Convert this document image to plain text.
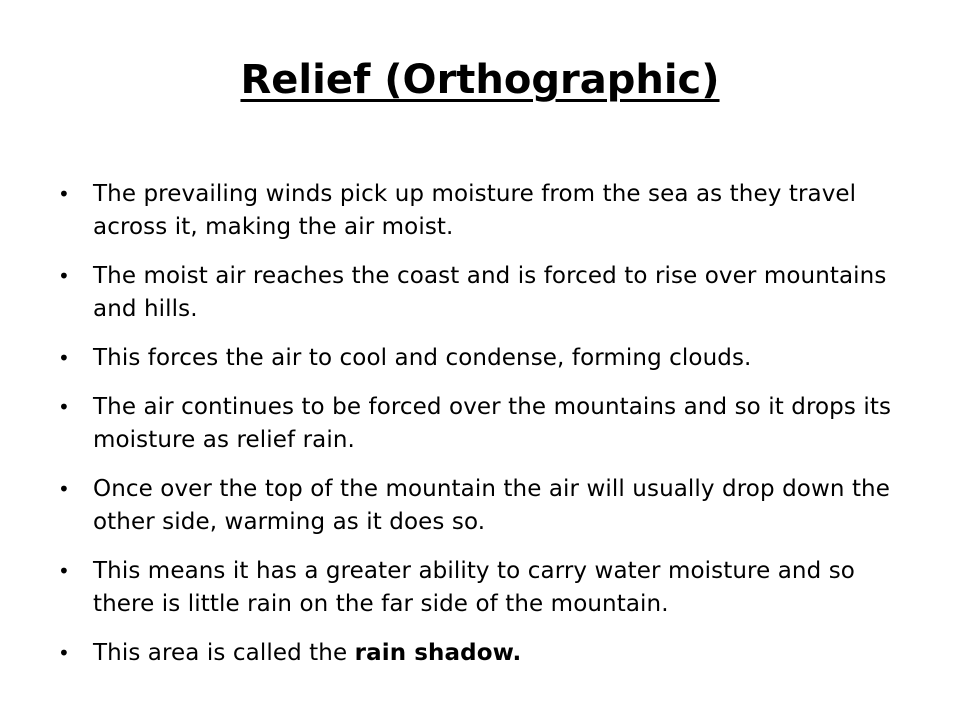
Relief (Orthographic)
• The prevailing winds pick up moisture from the sea as they travel across it, making the air moist.
• The moist air reaches the coast and is forced to rise over mountains and hills.
• This forces the air to cool and condense, forming clouds.
• The air continues to be forced over the mountains and so it drops its moisture as relief rain.
• Once over the top of the mountain the air will usually drop down the other side, warming as it does so.
• This means it has a greater ability to carry water moisture and so there is little rain on the far side of the mountain.
• This area is called the rain shadow.
